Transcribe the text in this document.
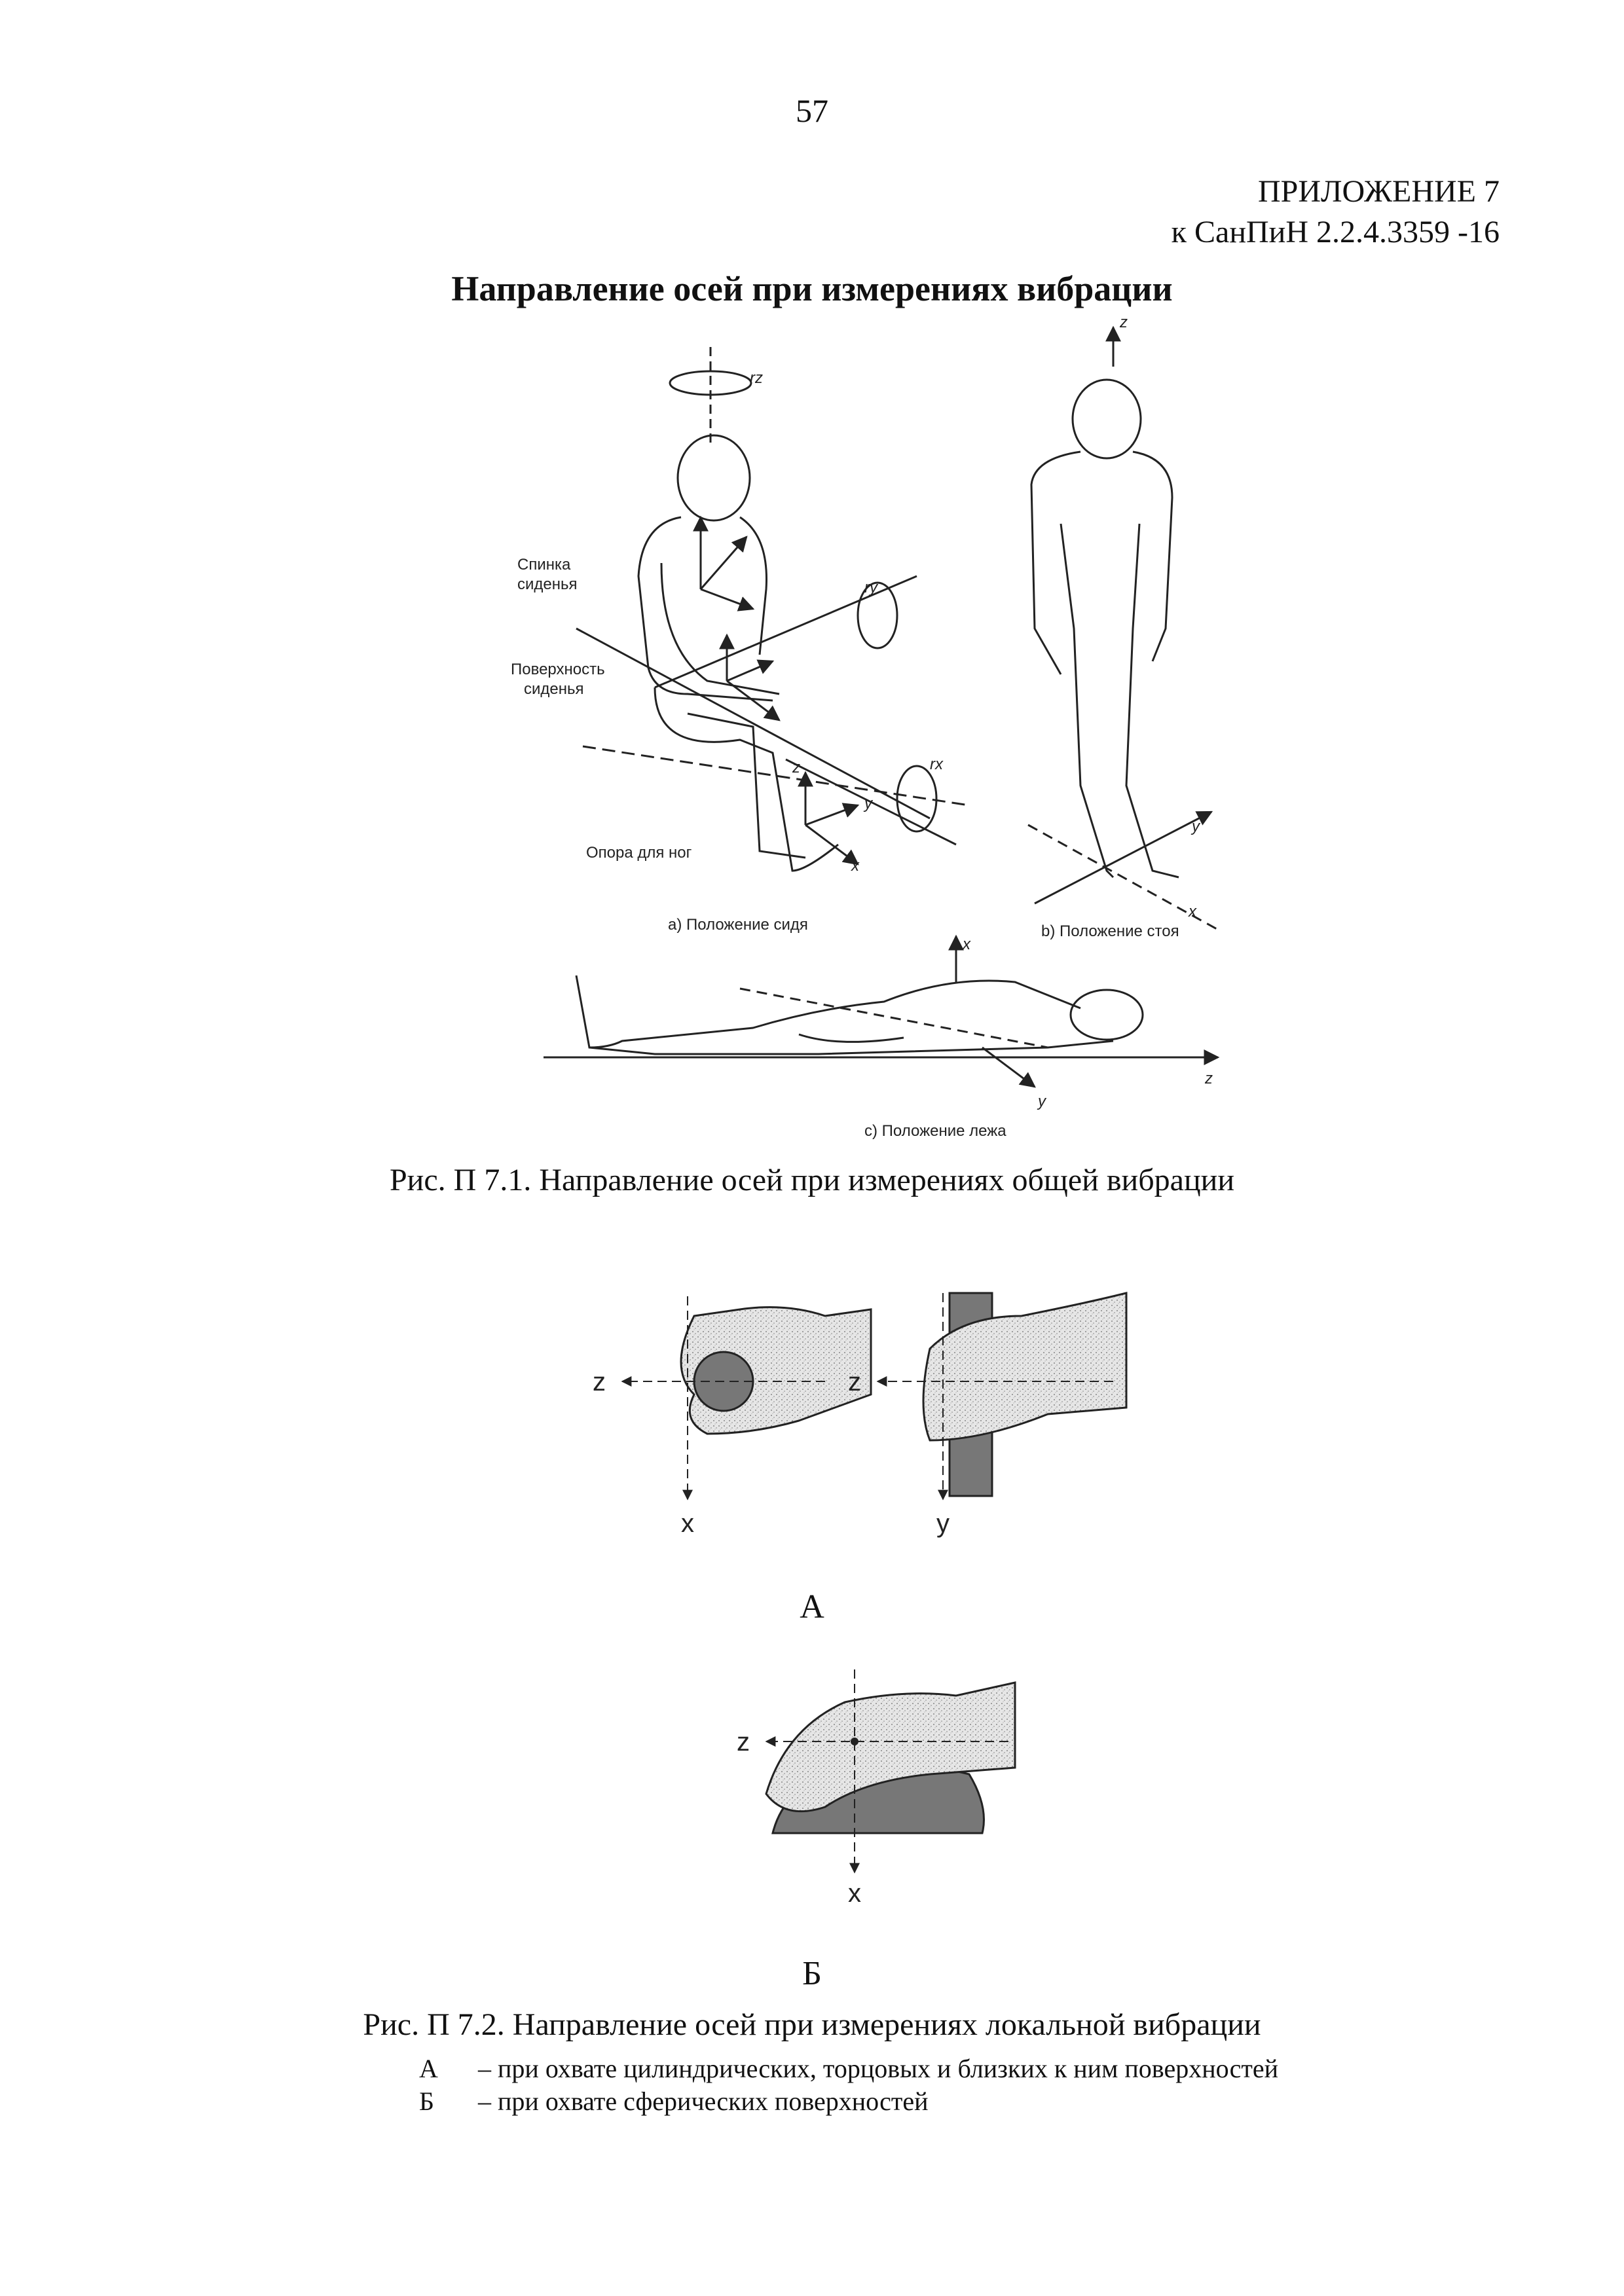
57
ПРИЛОЖЕНИЕ 7
к СанПиН 2.2.4.3359 -16
Направление осей при измерениях вибрации
Спинка
сиденья
Поверхность
сиденья
Опора для ног
а) Положение сидя
rz
ry
rx
x
y
z
z
y
x
b) Положение стоя
x
y
z
с) Положение лежа
z
x
z
y
z
x
Рис. П 7.1. Направление осей при измерениях общей вибрации
А
Б
Рис. П 7.2. Направление осей при измерениях локальной вибрации
А – при охвате цилиндрических, торцовых и близких к ним поверхностей
Б – при охвате сферических поверхностей
